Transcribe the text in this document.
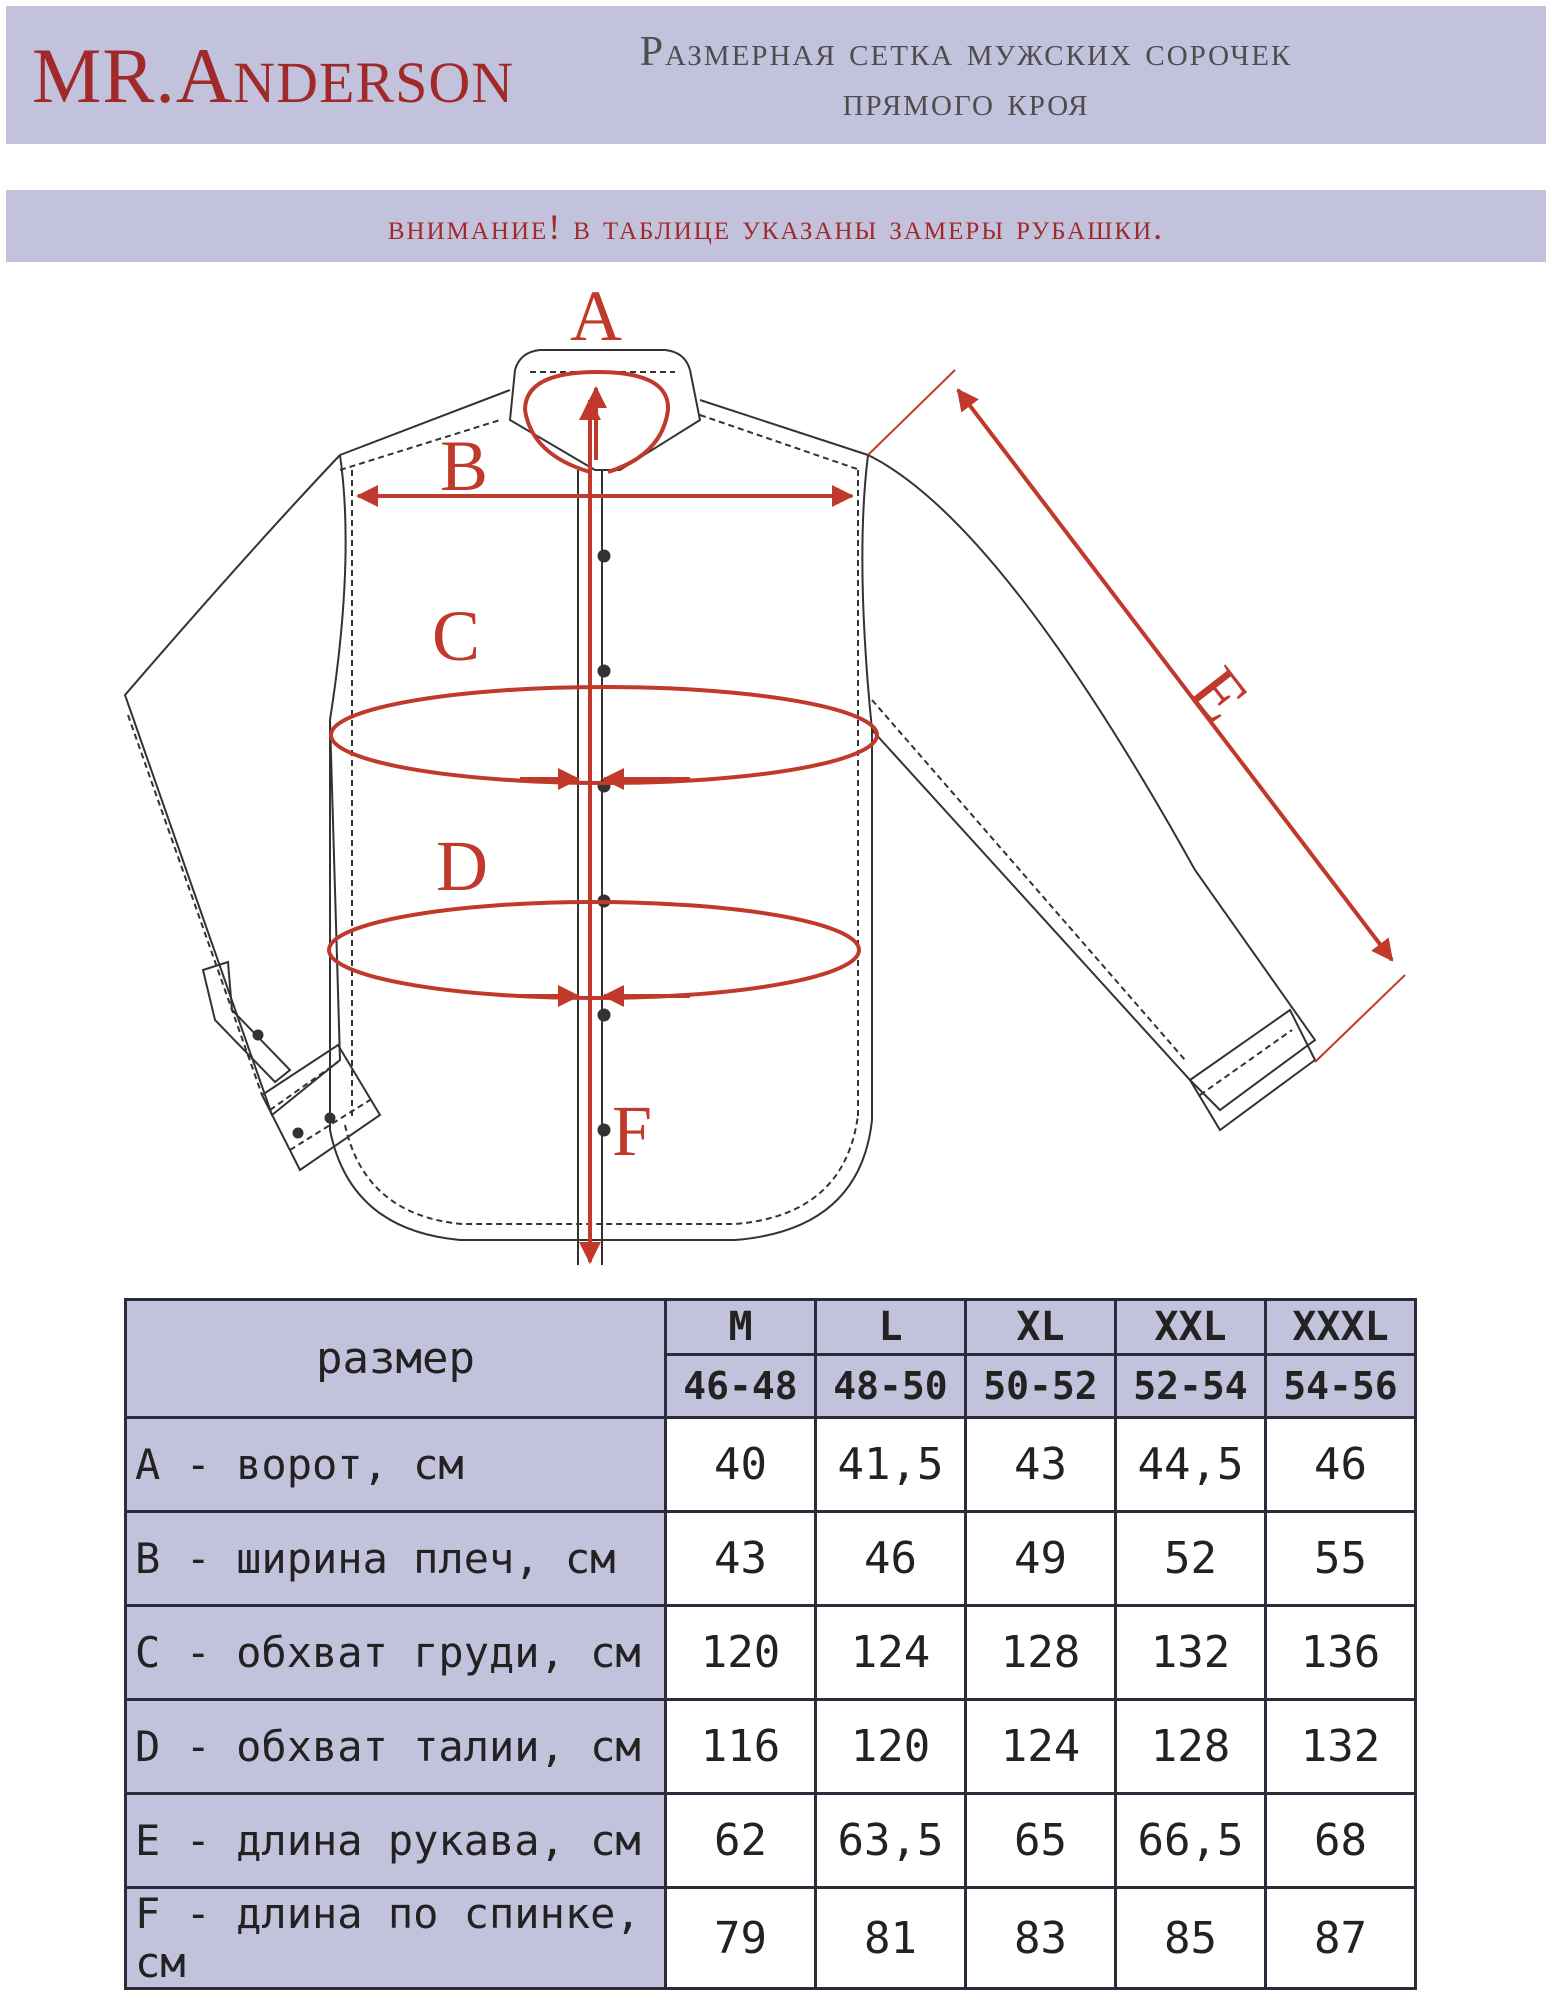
MR.ANDERSON	Размерная сетка мужских сорочек
прямого кроя
внимание! в таблице указаны замеры рубашки.
A
B
C
D
E
F
размер	M	L	XL	XXL	XXXL
	46-48	48-50	50-52	52-54	54-56
A - ворот, см	40	41,5	43	44,5	46
B - ширина плеч, см	43	46	49	52	55
C - обхват груди, см	120	124	128	132	136
D - обхват талии, см	116	120	124	128	132
E - длина рукава, см	62	63,5	65	66,5	68
F - длина по спинке, см	79	81	83	85	87
